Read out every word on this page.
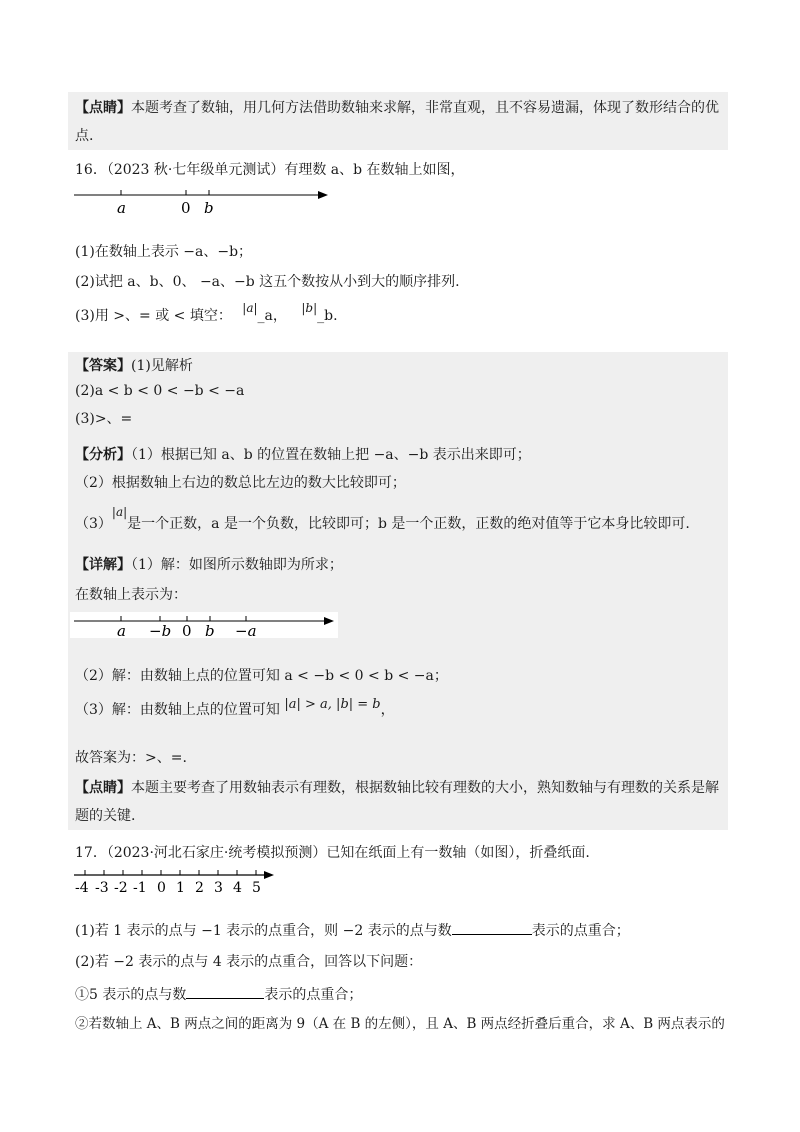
【点睛】本题考查了数轴，用几何方法借助数轴来求解，非常直观，且不容易遗漏，体现了数形结合的优
点.
16．（2023 秋·七年级单元测试）有理数 a、b 在数轴上如图，
a	0 b
(1)在数轴上表示 −a、−b；
(2)试把 a、b、0、 −a、−b 这五个数按从小到大的顺序排列.
(3)用 >、= 或 < 填空： |a|_a， |b|_b.
【答案】(1)见解析
(2)a < b < 0 < −b < −a
(3)>、=
【分析】（1）根据已知 a、b 的位置在数轴上把 −a、−b 表示出来即可；
（2）根据数轴上右边的数总比左边的数大比较即可；
（3）|a|是一个正数，a 是一个负数，比较即可；b 是一个正数，正数的绝对值等于它本身比较即可.
【详解】（1）解：如图所示数轴即为所求；
在数轴上表示为：
a −b 0 b −a
（2）解：由数轴上点的位置可知 a < −b < 0 < b < −a；
（3）解：由数轴上点的位置可知 |a| > a, |b| = b，
故答案为：>、=.
【点睛】本题主要考查了用数轴表示有理数，根据数轴比较有理数的大小，熟知数轴与有理数的关系是解
题的关键.
17．（2023·河北石家庄·统考模拟预测）已知在纸面上有一数轴（如图），折叠纸面.
-4 -3 -2 -1 0 1 2 3 4 5
(1)若 1 表示的点与 −1 表示的点重合，则 −2 表示的点与数	表示的点重合；
(2)若 −2 表示的点与 4 表示的点重合，回答以下问题：
①5 表示的点与数	表示的点重合；
②若数轴上 A、B 两点之间的距离为 9（A 在 B 的左侧），且 A、B 两点经折叠后重合，求 A、B 两点表示的
